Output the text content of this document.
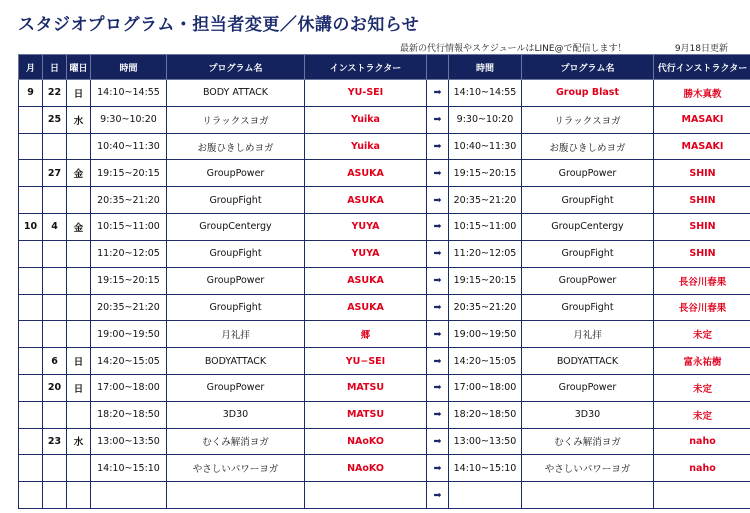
スタジオプログラム・担当者変更／休講のお知らせ
最新の代行情報やスケジュールはLINE@で配信します！	9月18日更新
月	日	曜日	時間	プログラム名	インストラクター		時間	プログラム名	代行インストラクター
9	22	日	14:10~14:55	BODY ATTACK	YU-SEI	➡	14:10~14:55	Group Blast	勝木真教
	25	水	9:30~10:20	リラックスヨガ	Yuika	➡	9:30~10:20	リラックスヨガ	MASAKI
			10:40~11:30	お腹ひきしめヨガ	Yuika	➡	10:40~11:30	お腹ひきしめヨガ	MASAKI
	27	金	19:15~20:15	GroupPower	ASUKA	➡	19:15~20:15	GroupPower	SHIN
			20:35~21:20	GroupFight	ASUKA	➡	20:35~21:20	GroupFight	SHIN
10	4	金	10:15~11:00	GroupCentergy	YUYA	➡	10:15~11:00	GroupCentergy	SHIN
			11:20~12:05	GroupFight	YUYA	➡	11:20~12:05	GroupFight	SHIN
			19:15~20:15	GroupPower	ASUKA	➡	19:15~20:15	GroupPower	長谷川春果
			20:35~21:20	GroupFight	ASUKA	➡	20:35~21:20	GroupFight	長谷川春果
			19:00~19:50	月礼拝	郷	➡	19:00~19:50	月礼拝	未定
	6	日	14:20~15:05	BODYATTACK	YU−SEI	➡	14:20~15:05	BODYATTACK	富永祐樹
	20	日	17:00~18:00	GroupPower	MATSU	➡	17:00~18:00	GroupPower	未定
			18:20~18:50	3D30	MATSU	➡	18:20~18:50	3D30	未定
	23	水	13:00~13:50	むくみ解消ヨガ	NAoKO	➡	13:00~13:50	むくみ解消ヨガ	naho
			14:10~15:10	やさしいパワーヨガ	NAoKO	➡	14:10~15:10	やさしいパワーヨガ	naho
						➡			
